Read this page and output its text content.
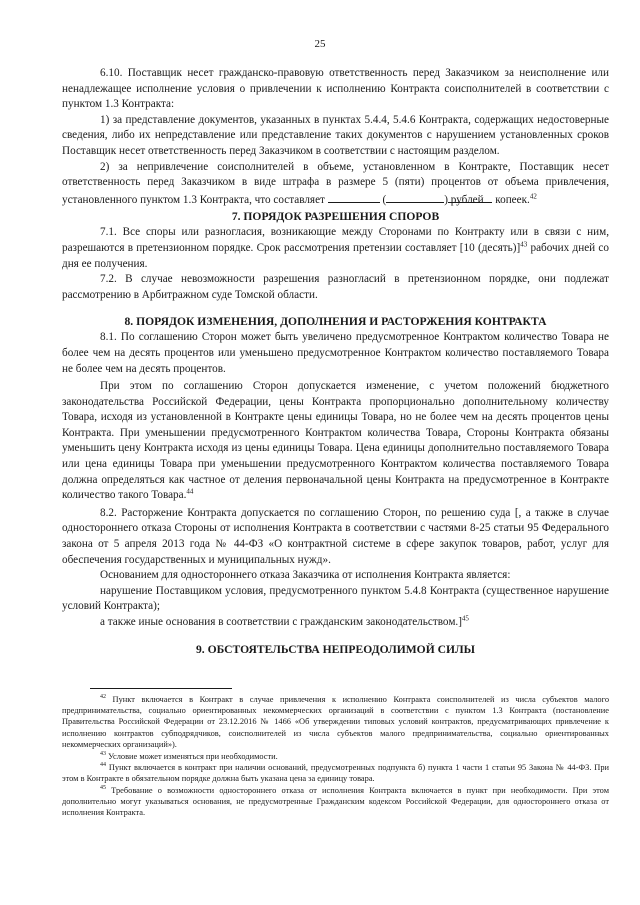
25

6.10. Поставщик несет гражданско-правовую ответственность перед Заказчиком за неисполнение или ненадлежащее исполнение условия о привлечении к исполнению Контракта соисполнителей в соответствии с пунктом 1.3 Контракта:

1) за представление документов, указанных в пунктах 5.4.4, 5.4.6 Контракта, содержащих недостоверные сведения, либо их непредставление или представление таких документов с нарушением установленных сроков Поставщик несет ответственность перед Заказчиком в соответствии с настоящим разделом.

2) за непривлечение соисполнителей в объеме, установленном в Контракте, Поставщик несет ответственность перед Заказчиком в виде штрафа в размере 5 (пяти) процентов от объема привлечения, установленного пунктом 1.3 Контракта, что составляет	(	) рублей копеек.$^{42}$

7. ПОРЯДОК РАЗРЕШЕНИЯ СПОРОВ

7.1. Все споры или разногласия, возникающие между Сторонами по Контракту или в связи с ним, разрешаются в претензионном порядке. Срок рассмотрения претензии составляет [10 (десять)]$^{43}$ рабочих дней со дня ее получения.

7.2. В случае невозможности разрешения разногласий в претензионном порядке, они подлежат рассмотрению в Арбитражном суде Томской области.

8. ПОРЯДОК ИЗМЕНЕНИЯ, ДОПОЛНЕНИЯ И РАСТОРЖЕНИЯ КОНТРАКТА

8.1. По соглашению Сторон может быть увеличено предусмотренное Контрактом количество Товара не более чем на десять процентов или уменьшено предусмотренное Контрактом количество поставляемого Товара не более чем на десять процентов.

При этом по соглашению Сторон допускается изменение, с учетом положений бюджетного законодательства Российской Федерации, цены Контракта пропорционально дополнительному количеству Товара, исходя из установленной в Контракте цены единицы Товара, но не более чем на десять процентов цены Контракта. При уменьшении предусмотренного Контрактом количества Товара, Стороны Контракта обязаны уменьшить цену Контракта исходя из цены единицы Товара. Цена единицы дополнительно поставляемого Товара или цена единицы Товара при уменьшении предусмотренного Контрактом количества поставляемого Товара должна определяться как частное от деления первоначальной цены Контракта на предусмотренное в Контракте количество такого Товара.$^{44}$

8.2. Расторжение Контракта допускается по соглашению Сторон, по решению суда [, а также в случае одностороннего отказа Стороны от исполнения Контракта в соответствии с частями 8-25 статьи 95 Федерального закона от 5 апреля 2013 года № 44-ФЗ «О контрактной системе в сфере закупок товаров, работ, услуг для обеспечения государственных и муниципальных нужд».

Основанием для одностороннего отказа Заказчика от исполнения Контракта является:

нарушение Поставщиком условия, предусмотренного пунктом 5.4.8 Контракта (существенное нарушение условий Контракта);

а также иные основания в соответствии с гражданским законодательством.]$^{45}$

9. ОБСТОЯТЕЛЬСТВА НЕПРЕОДОЛИМОЙ СИЛЫ

$^{42}$ Пункт включается в Контракт в случае привлечения к исполнению Контракта соисполнителей из числа субъектов малого предпринимательства, социально ориентированных некоммерческих организаций в соответствии с пунктом 1.3 Контракта (постановление Правительства Российской Федерации от 23.12.2016 № 1466 «Об утверждении типовых условий контрактов, предусматривающих привлечение к исполнению контрактов субподрядчиков, соисполнителей из числа субъектов малого предпринимательства, социально ориентированных некоммерческих организаций»).

$^{43}$ Условие может изменяться при необходимости.

$^{44}$ Пункт включается в контракт при наличии оснований, предусмотренных подпункта б) пункта 1 части 1 статьи 95 Закона № 44-ФЗ. При этом в Контракте в обязательном порядке должна быть указана цена за единицу товара.

$^{45}$ Требование о возможности одностороннего отказа от исполнения Контракта включается в пункт при необходимости. При этом дополнительно могут указываться основания, не предусмотренные Гражданским кодексом Российской Федерации, для одностороннего отказа от исполнения Контракта.
